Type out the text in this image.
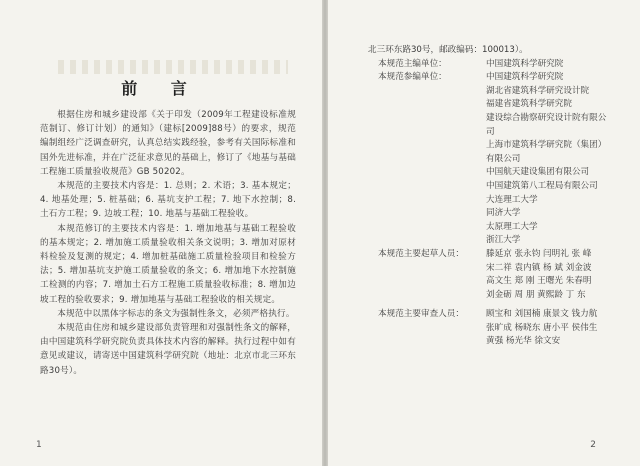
前 言

根据住房和城乡建设部《关于印发（2009年工程建设标准规范制订、修订计划）的通知》（建标[2009]88号）的要求，规范编制组经广泛调查研究，认真总结实践经验，参考有关国际标准和国外先进标准，并在广泛征求意见的基础上，修订了《地基与基础工程施工质量验收规范》GB 50202。

本规范的主要技术内容是：1. 总则；2. 术语；3. 基本规定；4. 地基处理；5. 桩基础；6. 基坑支护工程；7. 地下水控制；8. 土石方工程；9. 边坡工程；10. 地基与基础工程验收。

本规范修订的主要技术内容是：1. 增加地基与基础工程验收的基本规定；2. 增加施工质量验收相关条文说明；3. 增加对原材料检验及复测的规定；4. 增加桩基础施工质量检验项目和检验方法；5. 增加基坑支护施工质量验收的条文；6. 增加地下水控制施工检测的内容；7. 增加土石方工程施工质量验收标准；8. 增加边坡工程的验收要求；9. 增加地基与基础工程验收的相关规定。

本规范中以黑体字标志的条文为强制性条文，必须严格执行。

本规范由住房和城乡建设部负责管理和对强制性条文的解释，由中国建筑科学研究院负责具体技术内容的解释。执行过程中如有意见或建议，请寄送中国建筑科学研究院（地址：北京市北三环东路30号）。

1
北三环东路30号，邮政编码：100013）。
本规范主编单位：	中国建筑科学研究院
本规范参编单位：	中国建筑科学研究院
湖北省建筑科学研究设计院
福建省建筑科学研究院
建设综合勘察研究设计院有限公司
上海市建筑科学研究院（集团）有限公司
中国航天建设集团有限公司
中国建筑第八工程局有限公司
大连理工大学
同济大学
太原理工大学
浙江大学
本规范主要起草人员：	滕延京 张永钧 闫明礼 张 峰
宋二祥 袁内镇 杨 斌 刘金波
高文生 郑 刚 王曙光 朱春明
刘金砺 周 朋 黄熙龄 丁 东
本规范主要审查人员：	顾宝和 刘国楠 康景文 钱力航
张旷成 杨晓东 唐小平 侯伟生
黄强 杨光华 徐文安
2
